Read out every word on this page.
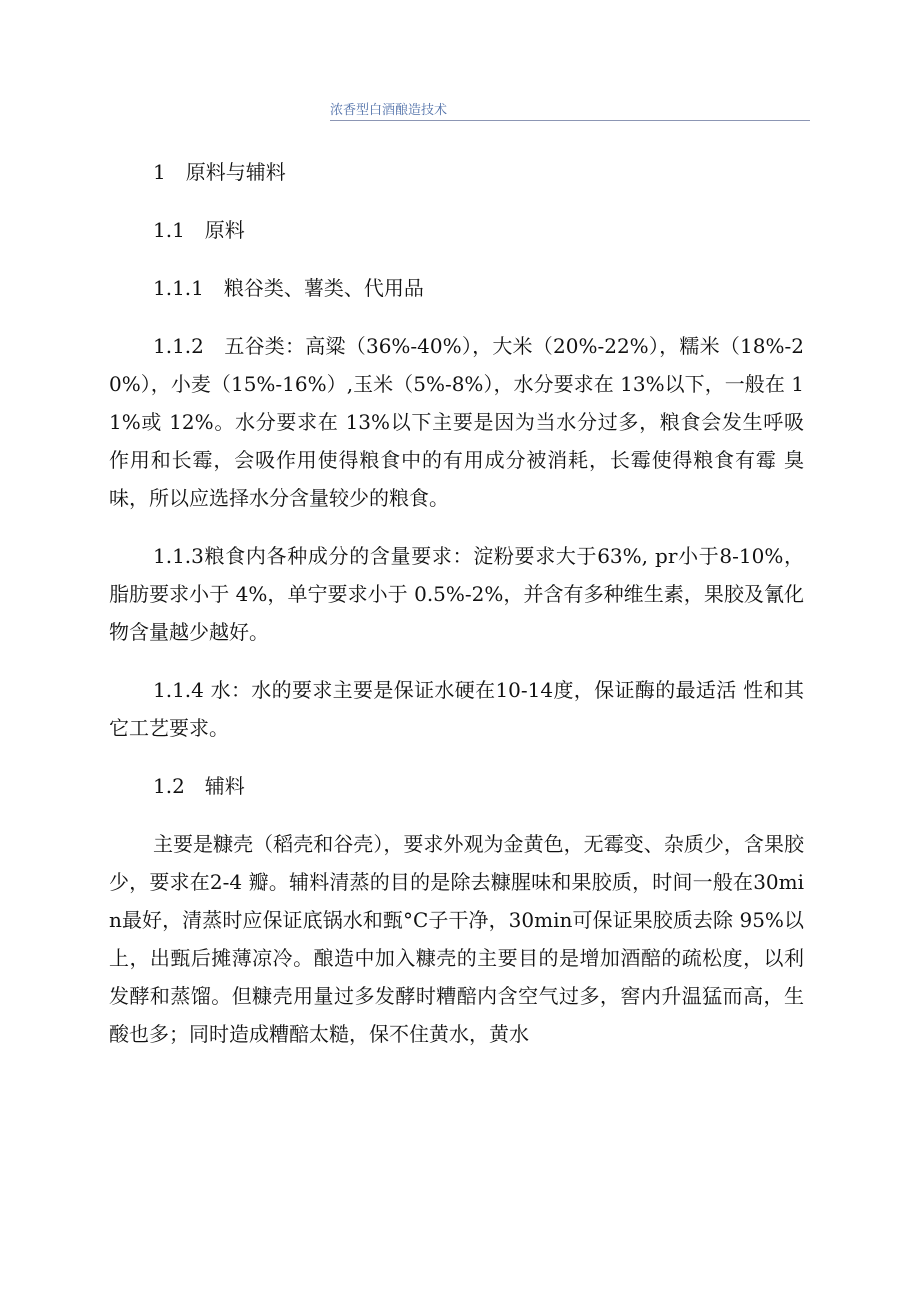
浓香型白酒酿造技术

1　原料与辅料

1.1　原料

1.1.1　粮谷类、薯类、代用品

1.1.2　五谷类：高粱（36%-40%），大米（20%-22%），糯米（18%-20%），小麦（15%-16%）,玉米（5%-8%），水分要求在 13%以下，一般在 11%或 12%。水分要求在 13%以下主要是因为当水分过多，粮食会发生呼吸 作用和长霉，会吸作用使得粮食中的有用成分被消耗，长霉使得粮食有霉 臭味，所以应选择水分含量较少的粮食。

1.1.3粮食内各种成分的含量要求：淀粉要求大于63%, pr小于8-10%，脂肪要求小于 4%，单宁要求小于 0.5%-2%，并含有多种维生素，果胶及氰化物含量越少越好。

1.1.4 水：水的要求主要是保证水硬在10-14度，保证酶的最适活 性和其它工艺要求。

1.2　辅料

主要是糠壳（稻壳和谷壳），要求外观为金黄色，无霉变、杂质少，含果胶少，要求在2-4 瓣。辅料清蒸的目的是除去糠腥味和果胶质，时间一般在30min最好，清蒸时应保证底锅水和甄°C子干净，30min可保证果胶质去除 95%以上，出甄后摊薄凉冷。酿造中加入糠壳的主要目的是增加酒醅的疏松度，以利发酵和蒸馏。但糠壳用量过多发酵时糟醅内含空气过多，窖内升温猛而高，生酸也多；同时造成糟醅太糙，保不住黄水，黄水
